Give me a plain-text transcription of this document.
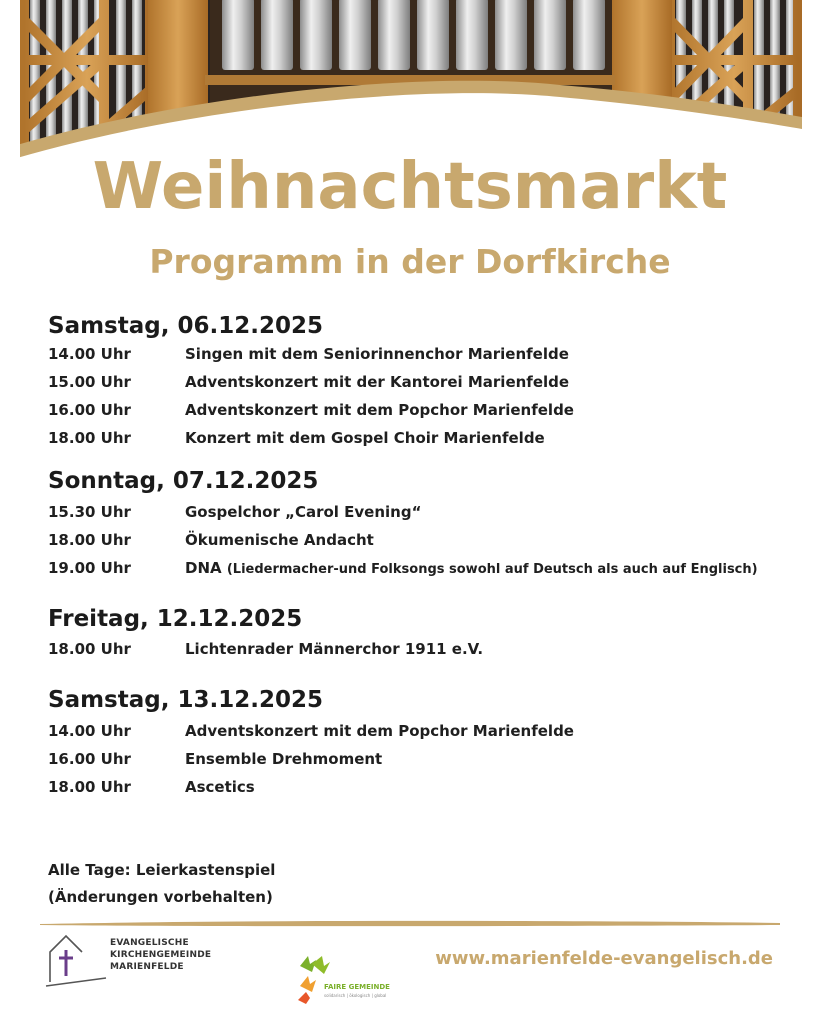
Weihnachtsmarkt
Programm in der Dorfkirche
Samstag, 06.12.2025
14.00 Uhr	Singen mit dem Seniorinnenchor Marienfelde
15.00 Uhr	Adventskonzert mit der Kantorei Marienfelde
16.00 Uhr	Adventskonzert mit dem Popchor Marienfelde
18.00 Uhr	Konzert mit dem Gospel Choir Marienfelde
Sonntag, 07.12.2025
15.30 Uhr	Gospelchor „Carol Evening“
18.00 Uhr	Ökumenische Andacht
19.00 Uhr	DNA (Liedermacher-und Folksongs sowohl auf Deutsch als auch auf Englisch)
Freitag, 12.12.2025
18.00 Uhr	Lichtenrader Männerchor 1911 e.V.
Samstag, 13.12.2025
14.00 Uhr	Adventskonzert mit dem Popchor Marienfelde
16.00 Uhr	Ensemble Drehmoment
18.00 Uhr	Ascetics
Alle Tage: Leierkastenspiel
(Änderungen vorbehalten)
EVANGELISCHE
KIRCHENGEMEINDE
MARIENFELDE
FAIRE GEMEINDE
solidarisch | ökologisch | global
www.marienfelde-evangelisch.de
